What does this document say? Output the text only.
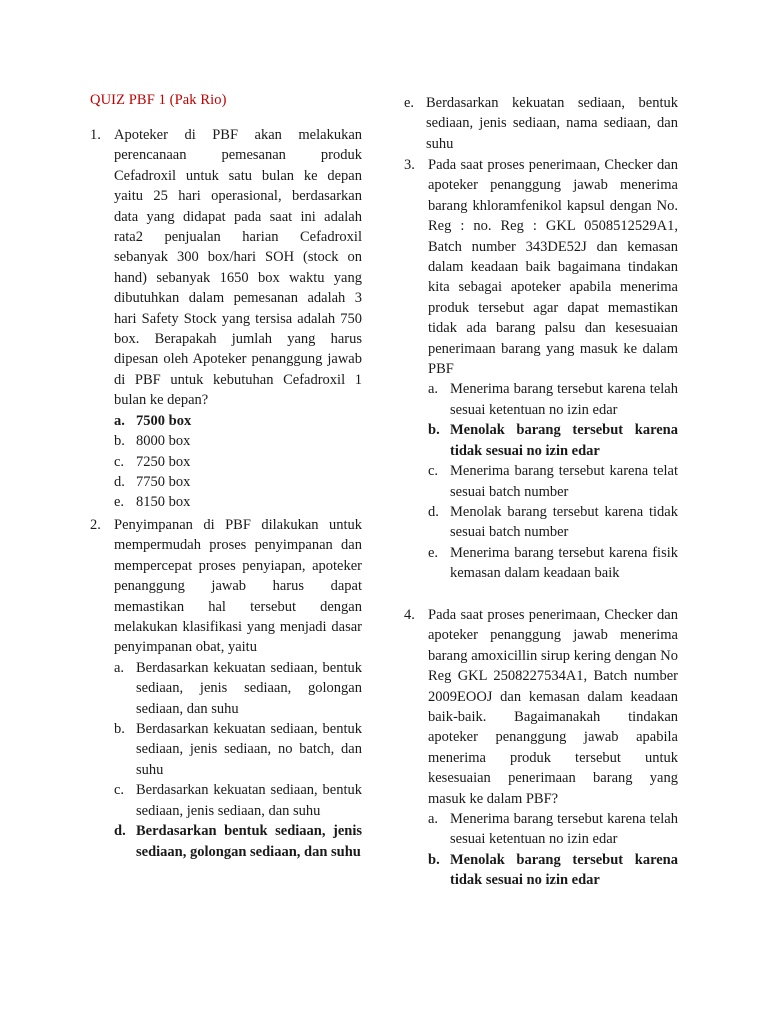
QUIZ PBF 1 (Pak Rio)
1. Apoteker di PBF akan melakukan perencanaan pemesanan produk Cefadroxil untuk satu bulan ke depan yaitu 25 hari operasional, berdasarkan data yang didapat pada saat ini adalah rata2 penjualan harian Cefadroxil sebanyak 300 box/hari SOH (stock on hand) sebanyak 1650 box waktu yang dibutuhkan dalam pemesanan adalah 3 hari Safety Stock yang tersisa adalah 750 box. Berapakah jumlah yang harus dipesan oleh Apoteker penanggung jawab di PBF untuk kebutuhan Cefadroxil 1 bulan ke depan?
a. 7500 box
b. 8000 box
c. 7250 box
d. 7750 box
e. 8150 box
2. Penyimpanan di PBF dilakukan untuk mempermudah proses penyimpanan dan mempercepat proses penyiapan, apoteker penanggung jawab harus dapat memastikan hal tersebut dengan melakukan klasifikasi yang menjadi dasar penyimpanan obat, yaitu
a. Berdasarkan kekuatan sediaan, bentuk sediaan, jenis sediaan, golongan sediaan, dan suhu
b. Berdasarkan kekuatan sediaan, bentuk sediaan, jenis sediaan, no batch, dan suhu
c. Berdasarkan kekuatan sediaan, bentuk sediaan, jenis sediaan, dan suhu
d. Berdasarkan bentuk sediaan, jenis sediaan, golongan sediaan, dan suhu
e. Berdasarkan kekuatan sediaan, bentuk sediaan, jenis sediaan, nama sediaan, dan suhu
3. Pada saat proses penerimaan, Checker dan apoteker penanggung jawab menerima barang khloramfenikol kapsul dengan No. Reg : no. Reg : GKL 0508512529A1, Batch number 343DE52J dan kemasan dalam keadaan baik bagaimana tindakan kita sebagai apoteker apabila menerima produk tersebut agar dapat memastikan tidak ada barang palsu dan kesesuaian penerimaan barang yang masuk ke dalam PBF
a. Menerima barang tersebut karena telah sesuai ketentuan no izin edar
b. Menolak barang tersebut karena tidak sesuai no izin edar
c. Menerima barang tersebut karena telat sesuai batch number
d. Menolak barang tersebut karena tidak sesuai batch number
e. Menerima barang tersebut karena fisik kemasan dalam keadaan baik
4. Pada saat proses penerimaan, Checker dan apoteker penanggung jawab menerima barang amoxicillin sirup kering dengan No Reg GKL 2508227534A1, Batch number 2009EOOJ dan kemasan dalam keadaan baik-baik. Bagaimanakah tindakan apoteker penanggung jawab apabila menerima produk tersebut untuk kesesuaian penerimaan barang yang masuk ke dalam PBF?
a. Menerima barang tersebut karena telah sesuai ketentuan no izin edar
b. Menolak barang tersebut karena tidak sesuai no izin edar
